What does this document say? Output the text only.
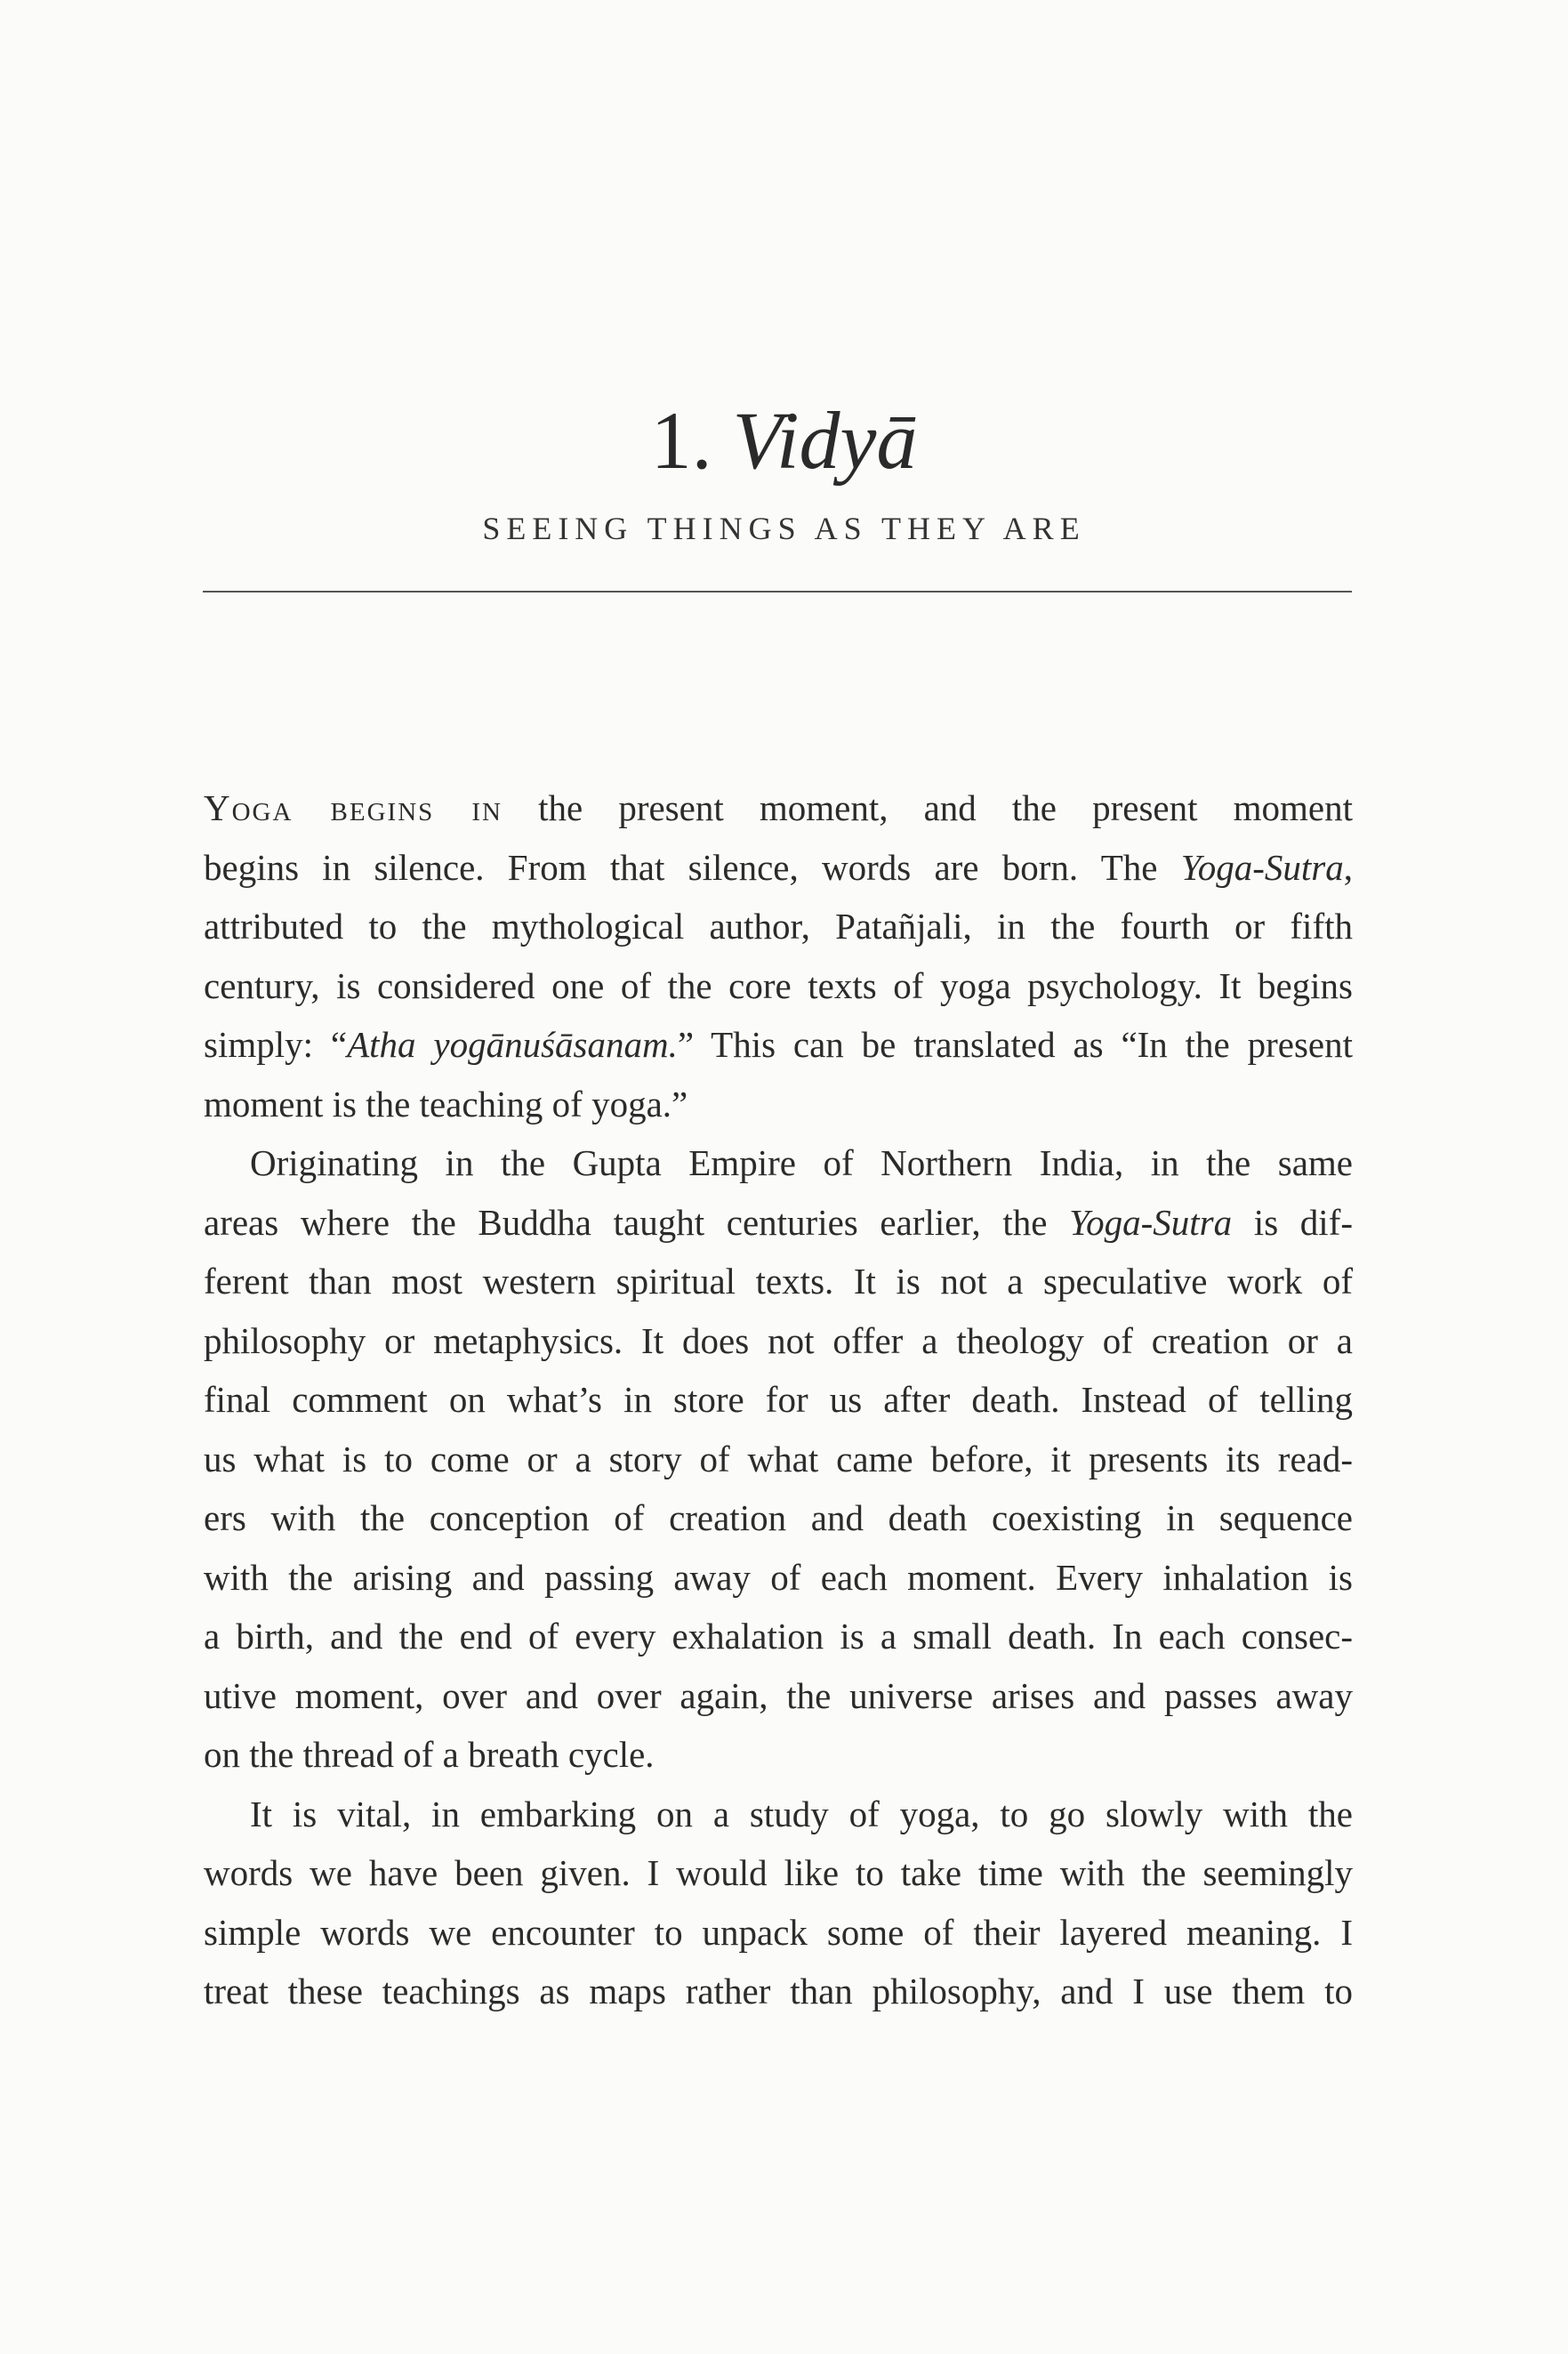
1. Vidyā
SEEING THINGS AS THEY ARE
Yoga begins in the present moment, and the present moment
begins in silence. From that silence, words are born. The Yoga-Sutra,
attributed to the mythological author, Patañjali, in the fourth or fifth
century, is considered one of the core texts of yoga psychology. It begins
simply: “Atha yogānuśāsanam.” This can be translated as “In the present
moment is the teaching of yoga.”
Originating in the Gupta Empire of Northern India, in the same
areas where the Buddha taught centuries earlier, the Yoga-Sutra is dif-
ferent than most western spiritual texts. It is not a speculative work of
philosophy or metaphysics. It does not offer a theology of creation or a
final comment on what’s in store for us after death. Instead of telling
us what is to come or a story of what came before, it presents its read-
ers with the conception of creation and death coexisting in sequence
with the arising and passing away of each moment. Every inhalation is
a birth, and the end of every exhalation is a small death. In each consec-
utive moment, over and over again, the universe arises and passes away
on the thread of a breath cycle.
It is vital, in embarking on a study of yoga, to go slowly with the
words we have been given. I would like to take time with the seemingly
simple words we encounter to unpack some of their layered meaning. I
treat these teachings as maps rather than philosophy, and I use them to
